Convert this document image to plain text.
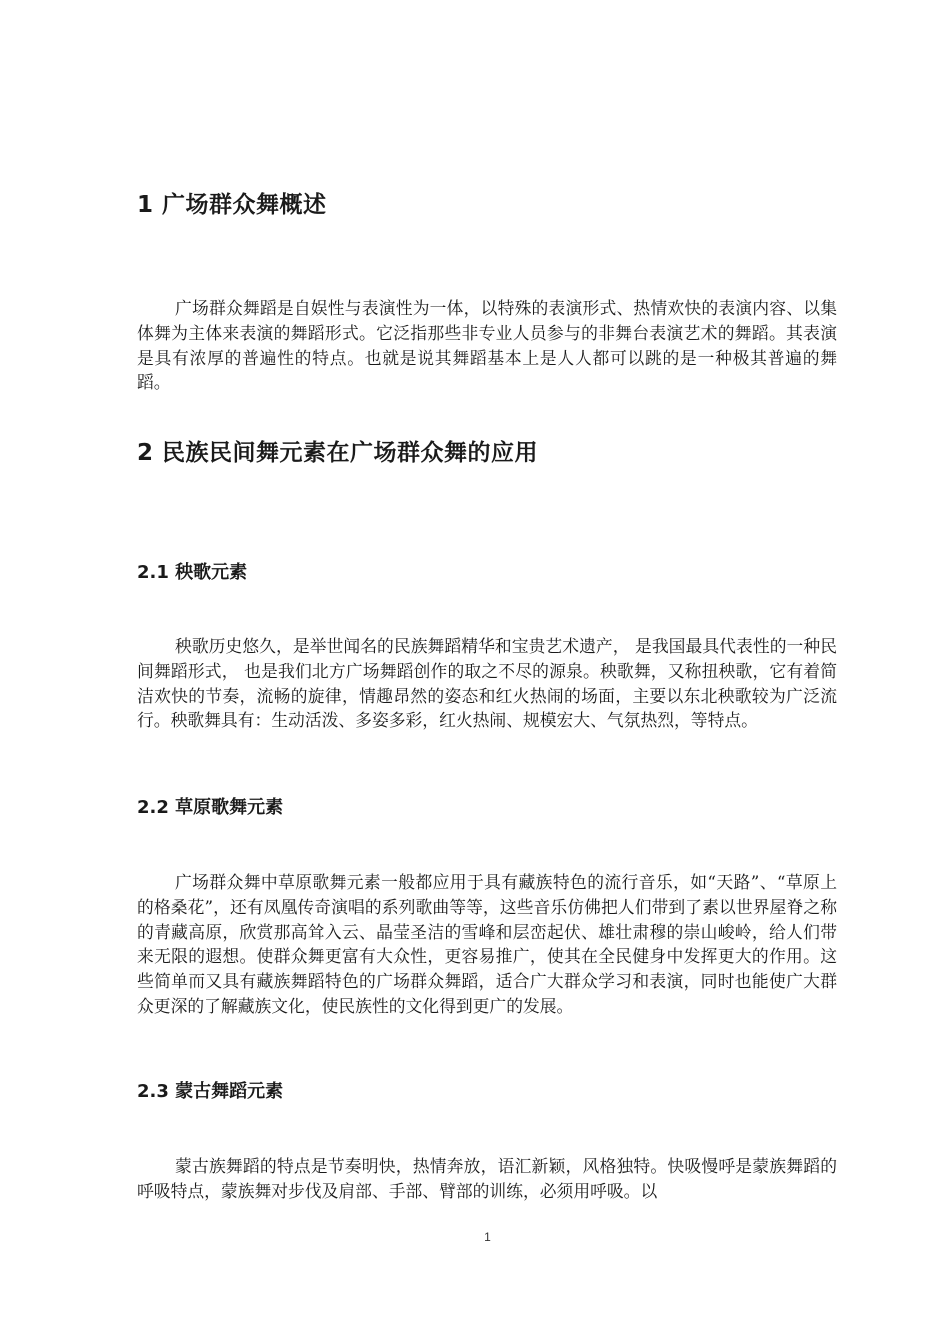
1 广场群众舞概述
广场群众舞蹈是自娱性与表演性为一体，以特殊的表演形式、热情欢快的表演内容、以集体舞为主体来表演的舞蹈形式。它泛指那些非专业人员参与的非舞台表演艺术的舞蹈。其表演是具有浓厚的普遍性的特点。也就是说其舞蹈基本上是人人都可以跳的是一种极其普遍的舞蹈。
2 民族民间舞元素在广场群众舞的应用
2.1 秧歌元素
秧歌历史悠久，是举世闻名的民族舞蹈精华和宝贵艺术遗产， 是我国最具代表性的一种民间舞蹈形式， 也是我们北方广场舞蹈创作的取之不尽的源泉。秧歌舞，又称扭秧歌，它有着简洁欢快的节奏，流畅的旋律，情趣昂然的姿态和红火热闹的场面，主要以东北秧歌较为广泛流行。秧歌舞具有：生动活泼、多姿多彩，红火热闹、规模宏大、气氛热烈，等特点。
2.2 草原歌舞元素
广场群众舞中草原歌舞元素一般都应用于具有藏族特色的流行音乐，如“天路”、“草原上的格桑花”，还有凤凰传奇演唱的系列歌曲等等，这些音乐仿佛把人们带到了素以世界屋脊之称的青藏高原，欣赏那高耸入云、晶莹圣洁的雪峰和层峦起伏、雄壮肃穆的崇山峻岭，给人们带来无限的遐想。使群众舞更富有大众性，更容易推广，使其在全民健身中发挥更大的作用。这些简单而又具有藏族舞蹈特色的广场群众舞蹈，适合广大群众学习和表演，同时也能使广大群众更深的了解藏族文化，使民族性的文化得到更广的发展。
2.3 蒙古舞蹈元素
蒙古族舞蹈的特点是节奏明快，热情奔放，语汇新颖，风格独特。快吸慢呼是蒙族舞蹈的呼吸特点，蒙族舞对步伐及肩部、手部、臂部的训练，必须用呼吸。以
1
